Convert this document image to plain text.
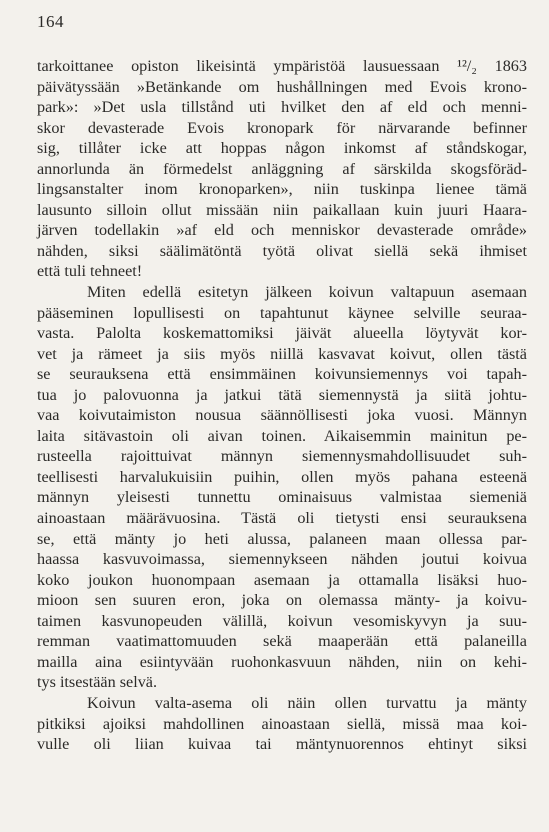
164
tarkoittanee opiston likeisintä ympäristöä lausuessaan ¹²/₂ 1863
päivätyssään »Betänkande om hushållningen med Evois krono-
park»: »Det usla tillstånd uti hvilket den af eld och menni-
skor devasterade Evois kronopark för närvarande befinner
sig, tillåter icke att hoppas någon inkomst af ståndskogar,
annorlunda än förmedelst anläggning af särskilda skogsföräd-
lingsanstalter inom kronoparken», niin tuskinpa lienee tämä
lausunto silloin ollut missään niin paikallaan kuin juuri Haara-
järven todellakin »af eld och menniskor devasterade område»
nähden, siksi säälimätöntä työtä olivat siellä sekä ihmiset
että tuli tehneet!
Miten edellä esitetyn jälkeen koivun valtapuun asemaan
pääseminen lopullisesti on tapahtunut käynee selville seuraa-
vasta. Palolta koskemattomiksi jäivät alueella löytyvät kor-
vet ja rämeet ja siis myös niillä kasvavat koivut, ollen tästä
se seurauksena että ensimmäinen koivunsiemennys voi tapah-
tua jo palovuonna ja jatkui tätä siemennystä ja siitä johtu-
vaa koivutaimiston nousua säännöllisesti joka vuosi. Männyn
laita sitävastoin oli aivan toinen. Aikaisemmin mainitun pe-
rusteella rajoittuivat männyn siemennysmahdollisuudet suh-
teellisesti harvalukuisiin puihin, ollen myös pahana esteenä
männyn yleisesti tunnettu ominaisuus valmistaa siemeniä
ainoastaan määrävuosina. Tästä oli tietysti ensi seurauksena
se, että mänty jo heti alussa, palaneen maan ollessa par-
haassa kasvuvoimassa, siemennykseen nähden joutui koivua
koko joukon huonompaan asemaan ja ottamalla lisäksi huo-
mioon sen suuren eron, joka on olemassa mänty- ja koivu-
taimen kasvunopeuden välillä, koivun vesomiskyvyn ja suu-
remman vaatimattomuuden sekä maaperään että palaneilla
mailla aina esiintyvään ruohonkasvuun nähden, niin on kehi-
tys itsestään selvä.
Koivun valta-asema oli näin ollen turvattu ja mänty
pitkiksi ajoiksi mahdollinen ainoastaan siellä, missä maa koi-
vulle oli liian kuivaa tai mäntynuorennos ehtinyt siksi
